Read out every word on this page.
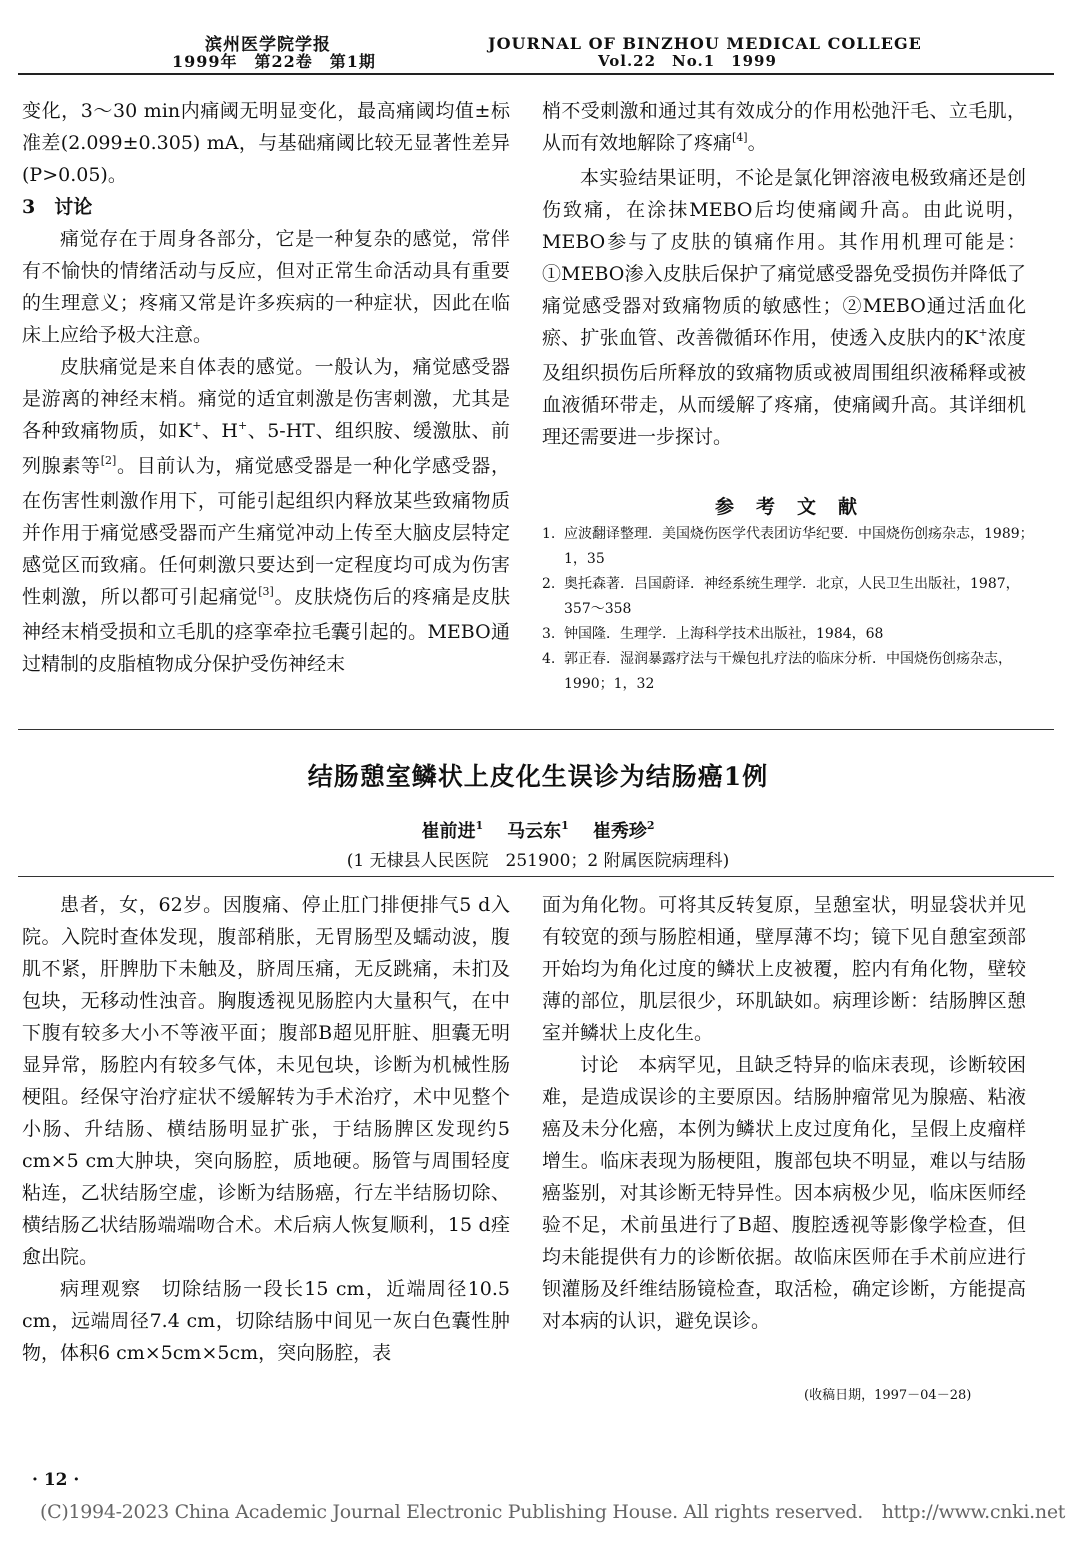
滨州医学院学报
1999年　第22卷　第1期
JOURNAL OF BINZHOU MEDICAL COLLEGE
Vol.22　No.1　1999

变化，3～30 min内痛阈无明显变化，最高痛阈均值±标准差(2.099±0.305) mA，与基础痛阈比较无显著性差异(P>0.05)。

3　讨论

痛觉存在于周身各部分，它是一种复杂的感觉，常伴有不愉快的情绪活动与反应，但对正常生命活动具有重要的生理意义；疼痛又常是许多疾病的一种症状，因此在临床上应给予极大注意。

皮肤痛觉是来自体表的感觉。一般认为，痛觉感受器是游离的神经末梢。痛觉的适宜刺激是伤害刺激，尤其是各种致痛物质，如K+、H+、5-HT、组织胺、缓激肽、前列腺素等[2]。目前认为，痛觉感受器是一种化学感受器，在伤害性刺激作用下，可能引起组织内释放某些致痛物质并作用于痛觉感受器而产生痛觉冲动上传至大脑皮层特定感觉区而致痛。任何刺激只要达到一定程度均可成为伤害性刺激，所以都可引起痛觉[3]。皮肤烧伤后的疼痛是皮肤神经末梢受损和立毛肌的痉挛牵拉毛囊引起的。MEBO通过精制的皮脂植物成分保护受伤神经末

梢不受刺激和通过其有效成分的作用松弛汗毛、立毛肌，从而有效地解除了疼痛[4]。

本实验结果证明，不论是氯化钾溶液电极致痛还是创伤致痛，在涂抹MEBO后均使痛阈升高。由此说明，MEBO参与了皮肤的镇痛作用。其作用机理可能是：①MEBO渗入皮肤后保护了痛觉感受器免受损伤并降低了痛觉感受器对致痛物质的敏感性；②MEBO通过活血化瘀、扩张血管、改善微循环作用，使透入皮肤内的K+浓度及组织损伤后所释放的致痛物质或被周围组织液稀释或被血液循环带走，从而缓解了疼痛，使痛阈升高。其详细机理还需要进一步探讨。

参考文献
1. 应波翻译整理．美国烧伤医学代表团访华纪要．中国烧伤创疡杂志，1989；1，35
2. 奥托森著．吕国蔚译．神经系统生理学．北京，人民卫生出版社，1987，357～358
3. 钟国隆．生理学．上海科学技术出版社，1984，68
4. 郭正春．湿润暴露疗法与干燥包扎疗法的临床分析．中国烧伤创疡杂志，1990；1，32
结肠憩室鳞状上皮化生误诊为结肠癌1例
崔前进$^1$ 马云东$^1$ 崔秀珍$^2$
(1 无棣县人民医院　251900；2 附属医院病理科)

患者，女，62岁。因腹痛、停止肛门排便排气5 d入院。入院时查体发现，腹部稍胀，无胃肠型及蠕动波，腹肌不紧，肝脾肋下未触及，脐周压痛，无反跳痛，未扪及包块，无移动性浊音。胸腹透视见肠腔内大量积气，在中下腹有较多大小不等液平面；腹部B超见肝脏、胆囊无明显异常，肠腔内有较多气体，未见包块，诊断为机械性肠梗阻。经保守治疗症状不缓解转为手术治疗，术中见整个小肠、升结肠、横结肠明显扩张，于结肠脾区发现约5 cm×5 cm大肿块，突向肠腔，质地硬。肠管与周围轻度粘连，乙状结肠空虚，诊断为结肠癌，行左半结肠切除、横结肠乙状结肠端端吻合术。术后病人恢复顺利，15 d痊愈出院。

病理观察　切除结肠一段长15 cm，近端周径10.5 cm，远端周径7.4 cm，切除结肠中间见一灰白色囊性肿物，体积6 cm×5cm×5cm，突向肠腔，表

面为角化物。可将其反转复原，呈憩室状，明显袋状并见有较宽的颈与肠腔相通，壁厚薄不均；镜下见自憩室颈部开始均为角化过度的鳞状上皮被覆，腔内有角化物，壁较薄的部位，肌层很少，环肌缺如。病理诊断：结肠脾区憩室并鳞状上皮化生。

讨论　本病罕见，且缺乏特异的临床表现，诊断较困难，是造成误诊的主要原因。结肠肿瘤常见为腺癌、粘液癌及未分化癌，本例为鳞状上皮过度角化，呈假上皮瘤样增生。临床表现为肠梗阻，腹部包块不明显，难以与结肠癌鉴别，对其诊断无特异性。因本病极少见，临床医师经验不足，术前虽进行了B超、腹腔透视等影像学检查，但均未能提供有力的诊断依据。故临床医师在手术前应进行钡灌肠及纤维结肠镜检查，取活检，确定诊断，方能提高对本病的认识，避免误诊。

(收稿日期，1997－04－28)
· 12 ·
(C)1994-2023 China Academic Journal Electronic Publishing House. All rights reserved.　http://www.cnki.net
